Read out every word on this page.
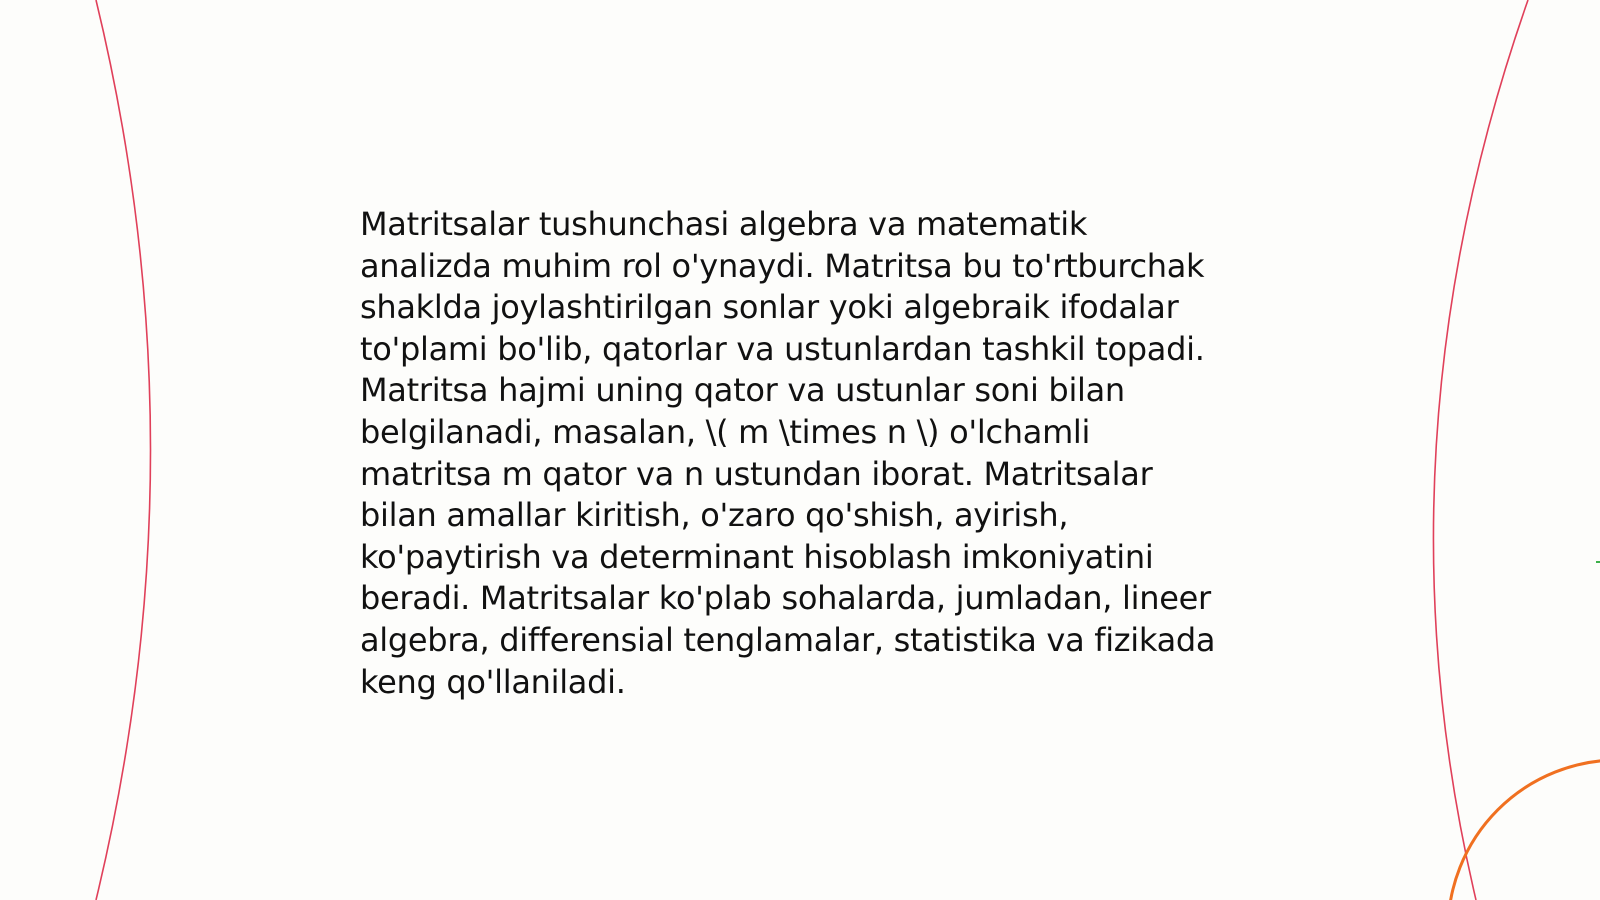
Matritsalar tushunchasi algebra va matematik
analizda muhim rol o'ynaydi. Matritsa bu to'rtburchak
shaklda joylashtirilgan sonlar yoki algebraik ifodalar
to'plami bo'lib, qatorlar va ustunlardan tashkil topadi.
Matritsa hajmi uning qator va ustunlar soni bilan
belgilanadi, masalan, \( m \times n \) o'lchamli
matritsa m qator va n ustundan iborat. Matritsalar
bilan amallar kiritish, o'zaro qo'shish, ayirish,
ko'paytirish va determinant hisoblash imkoniyatini
beradi. Matritsalar ko'plab sohalarda, jumladan, lineer
algebra, differensial tenglamalar, statistika va fizikada
keng qo'llaniladi.
